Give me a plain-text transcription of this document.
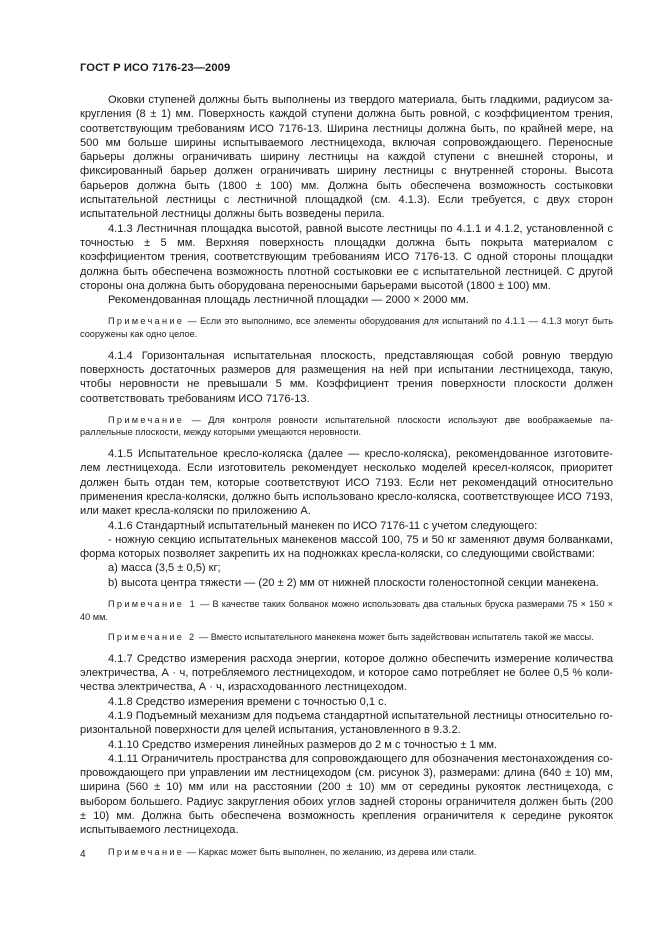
ГОСТ Р ИСО 7176-23—2009

Оковки ступеней должны быть выполнены из твердого материала, быть гладкими, радиусом закругления (8 ± 1) мм. Поверхность каждой ступени должна быть ровной, с коэффициентом трения, соответствующим требованиям ИСО 7176-13. Ширина лестницы должна быть, по крайней мере, на 500 мм больше ширины испытываемого лестницехода, включая сопровождающего. Переносные барьеры должны ограничивать ширину лестницы на каждой ступени с внешней стороны, и фиксированный барьер должен ограничивать ширину лестницы с внутренней стороны. Высота барьеров должна быть (1800 ± 100) мм. Должна быть обеспечена возможность состыковки испытательной лестницы с лестничной площадкой (см. 4.1.3). Если требуется, с двух сторон испытательной лестницы должны быть возведены перила.

4.1.3 Лестничная площадка высотой, равной высоте лестницы по 4.1.1 и 4.1.2, установленной с точностью ± 5 мм. Верхняя поверхность площадки должна быть покрыта материалом с коэффициентом трения, соответствующим требованиям ИСО 7176-13. С одной стороны площадки должна быть обеспечена возможность плотной состыковки ее с испытательной лестницей. С другой стороны она должна быть оборудована переносными барьерами высотой (1800 ± 100) мм.

Рекомендованная площадь лестничной площадки — 2000 × 2000 мм.

Примечание — Если это выполнимо, все элементы оборудования для испытаний по 4.1.1 — 4.1.3 могут быть сооружены как одно целое.

4.1.4 Горизонтальная испытательная плоскость, представляющая собой ровную твердую поверхность достаточных размеров для размещения на ней при испытании лестницехода, такую, чтобы неровности не превышали 5 мм. Коэффициент трения поверхности плоскости должен соответствовать требованиям ИСО 7176-13.

Примечание — Для контроля ровности испытательной плоскости используют две воображаемые параллельные плоскости, между которыми умещаются неровности.

4.1.5 Испытательное кресло-коляска (далее — кресло-коляска), рекомендованное изготовителем лестницехода. Если изготовитель рекомендует несколько моделей кресел-колясок, приоритет должен быть отдан тем, которые соответствуют ИСО 7193. Если нет рекомендаций относительно применения кресла-коляски, должно быть использовано кресло-коляска, соответствующее ИСО 7193, или макет кресла-коляски по приложению А.

4.1.6 Стандартный испытательный манекен по ИСО 7176-11 с учетом следующего:

- ножную секцию испытательных манекенов массой 100, 75 и 50 кг заменяют двумя болванками, форма которых позволяет закрепить их на подножках кресла-коляски, со следующими свойствами:

а) масса (3,5 ± 0,5) кг;

b) высота центра тяжести — (20 ± 2) мм от нижней плоскости голеностопной секции манекена.

Примечание 1 — В качестве таких болванок можно использовать два стальных бруска размерами 75 × 150 × 40 мм.

Примечание 2 — Вместо испытательного манекена может быть задействован испытатель такой же массы.

4.1.7 Средство измерения расхода энергии, которое должно обеспечить измерение количества электричества, А · ч, потребляемого лестницеходом, и которое само потребляет не более 0,5 % количества электричества, А · ч, израсходованного лестницеходом.

4.1.8 Средство измерения времени с точностью 0,1 с.

4.1.9 Подъемный механизм для подъема стандартной испытательной лестницы относительно горизонтальной поверхности для целей испытания, установленного в 9.3.2.

4.1.10 Средство измерения линейных размеров до 2 м с точностью ± 1 мм.

4.1.11 Ограничитель пространства для сопровождающего для обозначения местонахождения сопровождающего при управлении им лестницеходом (см. рисунок 3), размерами: длина (640 ± 10) мм, ширина (560 ± 10) мм или на расстоянии (200 ± 10) мм от середины рукояток лестницехода, с выбором большего. Радиус закругления обоих углов задней стороны ограничителя должен быть (200 ± 10) мм. Должна быть обеспечена возможность крепления ограничителя к середине рукояток испытываемого лестницехода.

Примечание — Каркас может быть выполнен, по желанию, из дерева или стали.

4
